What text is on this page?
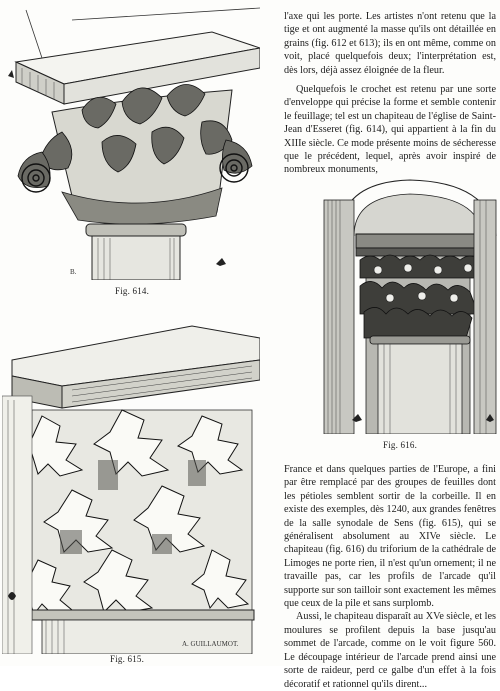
B.
Fig. 614.
A. GUILLAUMOT.
Fig. 615.
Fig. 616.

l'axe qui les porte. Les artistes n'ont retenu que la tige et ont augmenté la masse qu'ils ont détaillée en grains (fig. 612 et 613); ils en ont même, comme on voit, placé quelquefois deux; l'interprétation est, dès lors, déjà assez éloignée de la fleur.

Quelquefois le crochet est retenu par une sorte d'enveloppe qui précise la forme et semble contenir le feuillage; tel est un chapiteau de l'église de Saint-Jean d'Esseret (fig. 614), qui appartient à la fin du XIIIe siècle. Ce mode présente moins de sécheresse que le précédent, lequel, après avoir inspiré de nombreux monuments,

France et dans quelques parties de l'Europe, a fini par être remplacé par des groupes de feuilles dont les pétioles semblent sortir de la corbeille. Il en existe des exemples, dès 1240, aux grandes fenêtres de la salle synodale de Sens (fig. 615), qui se généralisent absolument au XIVe siècle. Le chapiteau (fig. 616) du triforium de la cathédrale de Limoges ne porte rien, il n'est qu'un ornement; il ne travaille pas, car les profils de l'arcade qu'il supporte sur son tailloir sont exactement les mêmes que ceux de la pile et sans surplomb.

Aussi, le chapiteau disparaît au XVe siècle, et les moulures se profilent depuis la base jusqu'au sommet de l'arcade, comme on le voit figure 560. Le découpage intérieur de l'arcade prend ainsi une sorte de raideur, perd ce galbe d'un effet à la fois décoratif et rationnel qu'ils dirent...
